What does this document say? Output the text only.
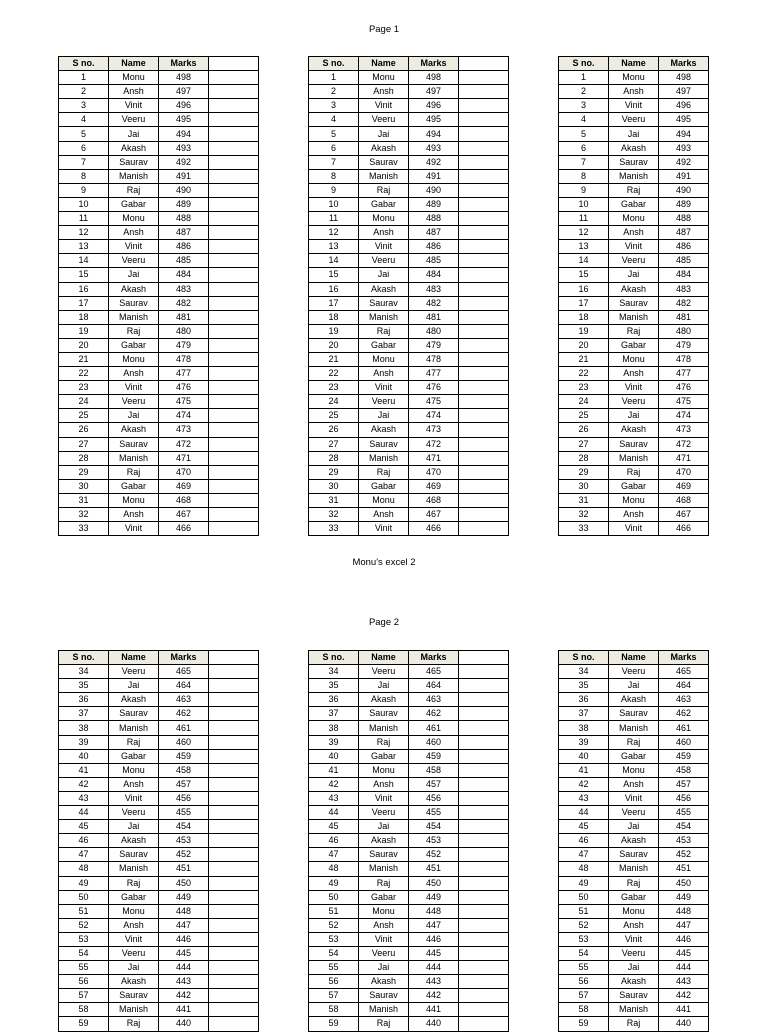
Page 1
S no.	Name	Marks			S no.	Name	Marks			S no.	Name	Marks
1	Monu	498			1	Monu	498			1	Monu	498
2	Ansh	497			2	Ansh	497			2	Ansh	497
3	Vinit	496			3	Vinit	496			3	Vinit	496
4	Veeru	495			4	Veeru	495			4	Veeru	495
5	Jai	494			5	Jai	494			5	Jai	494
6	Akash	493			6	Akash	493			6	Akash	493
7	Saurav	492			7	Saurav	492			7	Saurav	492
8	Manish	491			8	Manish	491			8	Manish	491
9	Raj	490			9	Raj	490			9	Raj	490
10	Gabar	489			10	Gabar	489			10	Gabar	489
11	Monu	488			11	Monu	488			11	Monu	488
12	Ansh	487			12	Ansh	487			12	Ansh	487
13	Vinit	486			13	Vinit	486			13	Vinit	486
14	Veeru	485			14	Veeru	485			14	Veeru	485
15	Jai	484			15	Jai	484			15	Jai	484
16	Akash	483			16	Akash	483			16	Akash	483
17	Saurav	482			17	Saurav	482			17	Saurav	482
18	Manish	481			18	Manish	481			18	Manish	481
19	Raj	480			19	Raj	480			19	Raj	480
20	Gabar	479			20	Gabar	479			20	Gabar	479
21	Monu	478			21	Monu	478			21	Monu	478
22	Ansh	477			22	Ansh	477			22	Ansh	477
23	Vinit	476			23	Vinit	476			23	Vinit	476
24	Veeru	475			24	Veeru	475			24	Veeru	475
25	Jai	474			25	Jai	474			25	Jai	474
26	Akash	473			26	Akash	473			26	Akash	473
27	Saurav	472			27	Saurav	472			27	Saurav	472
28	Manish	471			28	Manish	471			28	Manish	471
29	Raj	470			29	Raj	470			29	Raj	470
30	Gabar	469			30	Gabar	469			30	Gabar	469
31	Monu	468			31	Monu	468			31	Monu	468
32	Ansh	467			32	Ansh	467			32	Ansh	467
33	Vinit	466			33	Vinit	466			33	Vinit	466
Monu's excel 2
Page 2
S no.	Name	Marks			S no.	Name	Marks			S no.	Name	Marks
34	Veeru	465			34	Veeru	465			34	Veeru	465
35	Jai	464			35	Jai	464			35	Jai	464
36	Akash	463			36	Akash	463			36	Akash	463
37	Saurav	462			37	Saurav	462			37	Saurav	462
38	Manish	461			38	Manish	461			38	Manish	461
39	Raj	460			39	Raj	460			39	Raj	460
40	Gabar	459			40	Gabar	459			40	Gabar	459
41	Monu	458			41	Monu	458			41	Monu	458
42	Ansh	457			42	Ansh	457			42	Ansh	457
43	Vinit	456			43	Vinit	456			43	Vinit	456
44	Veeru	455			44	Veeru	455			44	Veeru	455
45	Jai	454			45	Jai	454			45	Jai	454
46	Akash	453			46	Akash	453			46	Akash	453
47	Saurav	452			47	Saurav	452			47	Saurav	452
48	Manish	451			48	Manish	451			48	Manish	451
49	Raj	450			49	Raj	450			49	Raj	450
50	Gabar	449			50	Gabar	449			50	Gabar	449
51	Monu	448			51	Monu	448			51	Monu	448
52	Ansh	447			52	Ansh	447			52	Ansh	447
53	Vinit	446			53	Vinit	446			53	Vinit	446
54	Veeru	445			54	Veeru	445			54	Veeru	445
55	Jai	444			55	Jai	444			55	Jai	444
56	Akash	443			56	Akash	443			56	Akash	443
57	Saurav	442			57	Saurav	442			57	Saurav	442
58	Manish	441			58	Manish	441			58	Manish	441
59	Raj	440			59	Raj	440			59	Raj	440
